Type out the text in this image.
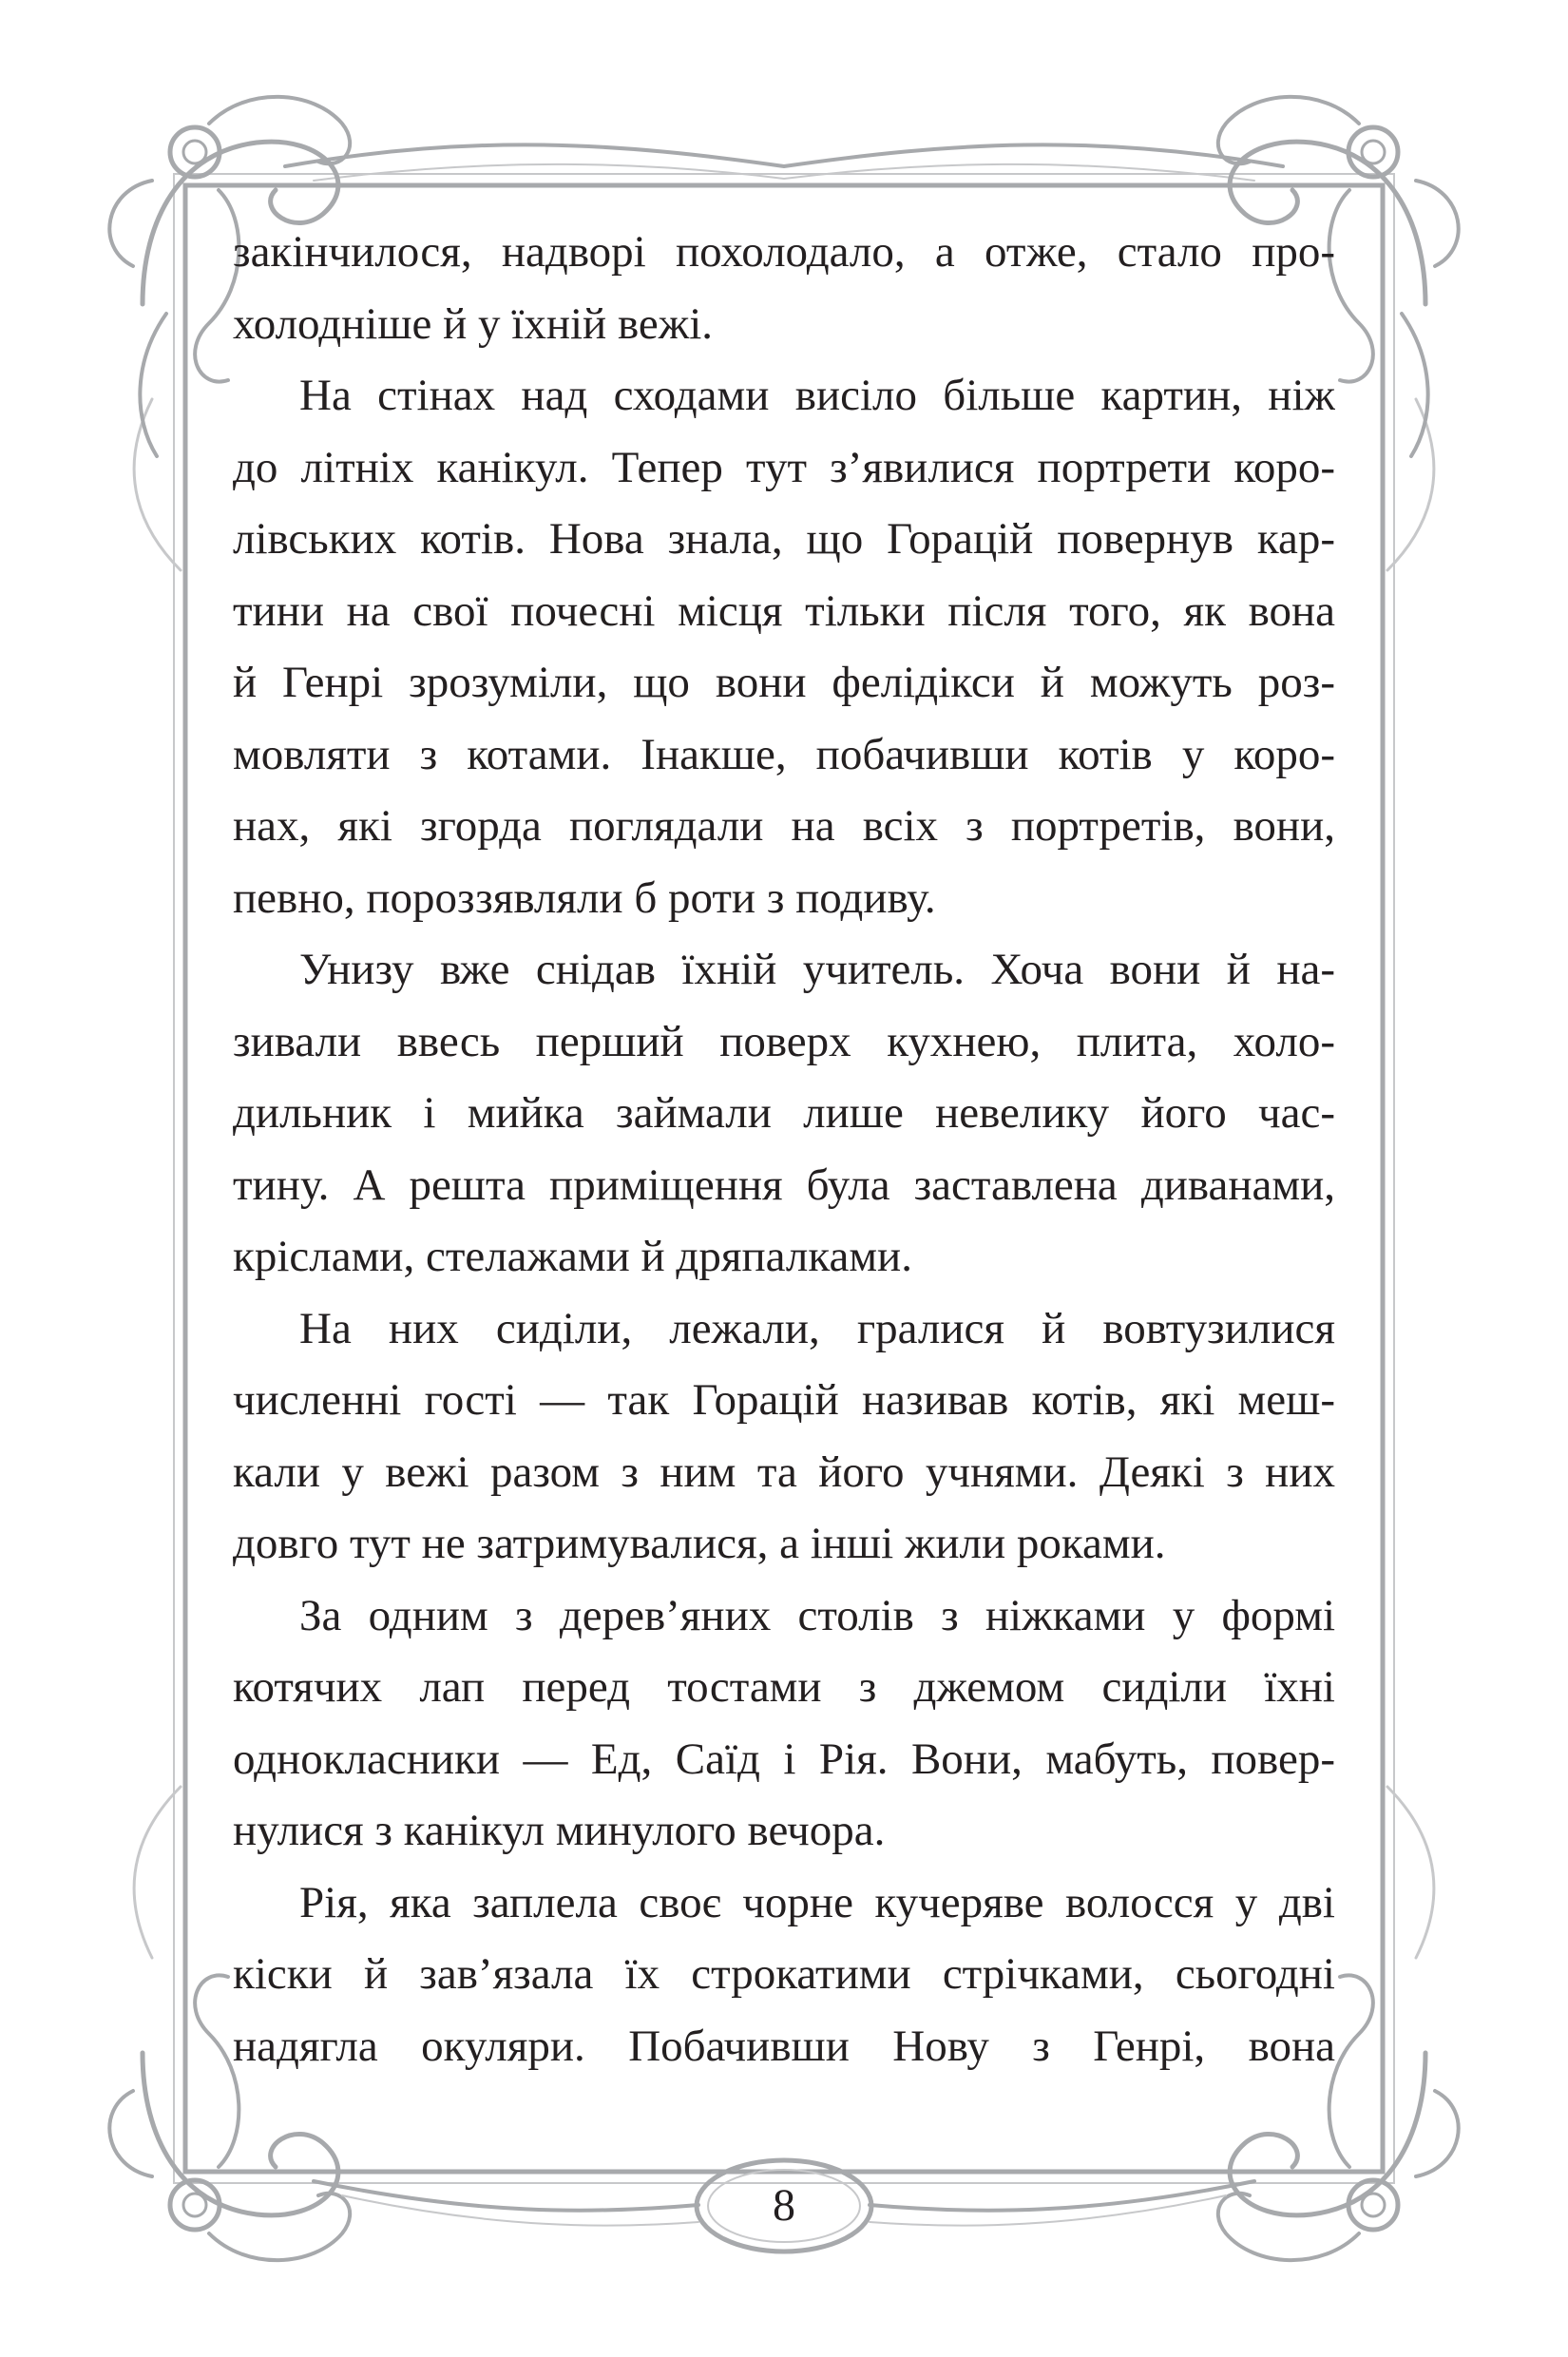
закінчилося, надворі похолодало, а отже, стало про-
холодніше й у їхній вежі.
На стінах над сходами висіло більше картин, ніж
до літніх канікул. Тепер тут з’явилися портрети коро-
лівських котів. Нова знала, що Горацій повернув кар-
тини на свої почесні місця тільки після того, як вона
й Генрі зрозуміли, що вони фелідікси й можуть роз-
мовляти з котами. Інакше, побачивши котів у коро-
нах, які згорда поглядали на всіх з портретів, вони,
певно, пороззявляли б роти з подиву.
Унизу вже снідав їхній учитель. Хоча вони й на-
зивали ввесь перший поверх кухнею, плита, холо-
дильник і мийка займали лише невелику його час-
тину. А решта приміщення була заставлена диванами,
кріслами, стелажами й дряпалками.
На них сиділи, лежали, гралися й вовтузилися
численні гості — так Горацій називав котів, які меш-
кали у вежі разом з ним та його учнями. Деякі з них
довго тут не затримувалися, а інші жили роками.
За одним з дерев’яних столів з ніжками у формі
котячих лап перед тостами з джемом сиділи їхні
однокласники — Ед, Саїд і Рія. Вони, мабуть, повер-
нулися з канікул минулого вечора.
Рія, яка заплела своє чорне кучеряве волосся у дві
кіски й зав’язала їх строкатими стрічками, сьогодні
надягла окуляри. Побачивши Нову з Генрі, вона
8
